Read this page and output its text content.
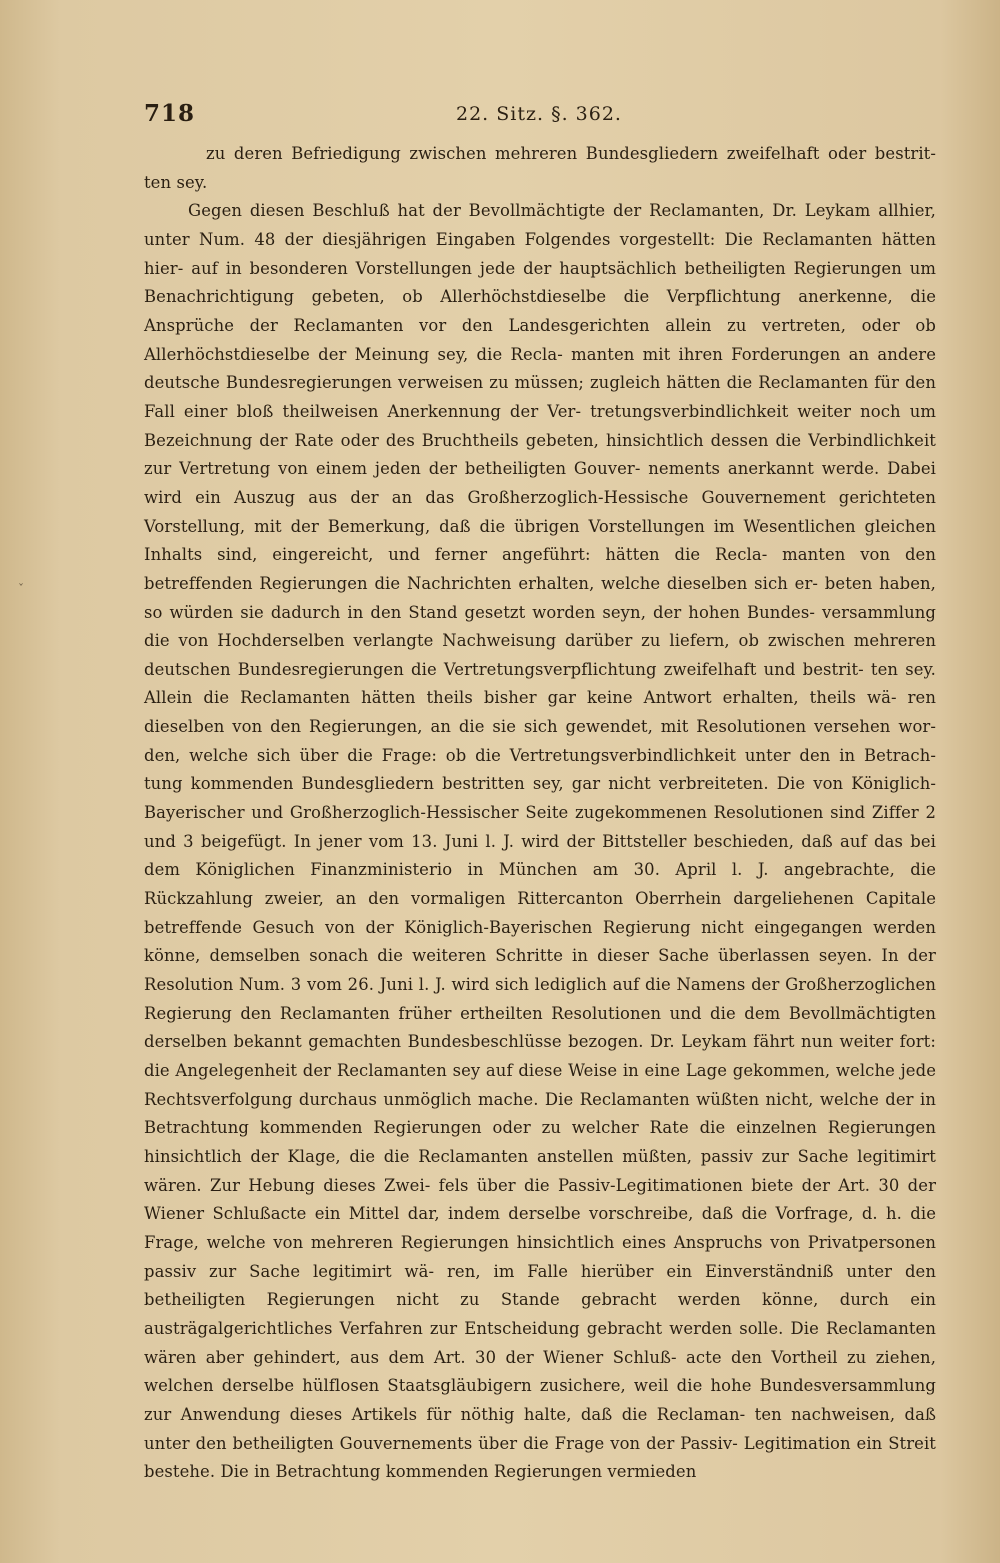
718	22. Sitz. §. 362.

zu deren Befriedigung zwischen mehreren Bundesgliedern zweifelhaft oder bestrit- ten sey.

Gegen diesen Beschluß hat der Bevollmächtigte der Reclamanten, Dr. Leykam allhier, unter Num. 48 der diesjährigen Eingaben Folgendes vorgestellt: Die Reclamanten hätten hier- auf in besonderen Vorstellungen jede der hauptsächlich betheiligten Regierungen um Benachrichtigung gebeten, ob Allerhöchstdieselbe die Verpflichtung anerkenne, die Ansprüche der Reclamanten vor den Landesgerichten allein zu vertreten, oder ob Allerhöchstdieselbe der Meinung sey, die Recla- manten mit ihren Forderungen an andere deutsche Bundesregierungen verweisen zu müssen; zugleich hätten die Reclamanten für den Fall einer bloß theilweisen Anerkennung der Ver- tretungsverbindlichkeit weiter noch um Bezeichnung der Rate oder des Bruchtheils gebeten, hinsichtlich dessen die Verbindlichkeit zur Vertretung von einem jeden der betheiligten Gouver- nements anerkannt werde. Dabei wird ein Auszug aus der an das Großherzoglich-Hessische Gouvernement gerichteten Vorstellung, mit der Bemerkung, daß die übrigen Vorstellungen im Wesentlichen gleichen Inhalts sind, eingereicht, und ferner angeführt: hätten die Recla- manten von den betreffenden Regierungen die Nachrichten erhalten, welche dieselben sich er- beten haben, so würden sie dadurch in den Stand gesetzt worden seyn, der hohen Bundes- versammlung die von Hochderselben verlangte Nachweisung darüber zu liefern, ob zwischen mehreren deutschen Bundesregierungen die Vertretungsverpflichtung zweifelhaft und bestrit- ten sey. Allein die Reclamanten hätten theils bisher gar keine Antwort erhalten, theils wä- ren dieselben von den Regierungen, an die sie sich gewendet, mit Resolutionen versehen wor- den, welche sich über die Frage: ob die Vertretungsverbindlichkeit unter den in Betrach- tung kommenden Bundesgliedern bestritten sey, gar nicht verbreiteten. Die von Königlich- Bayerischer und Großherzoglich-Hessischer Seite zugekommenen Resolutionen sind Ziffer 2 und 3 beigefügt. In jener vom 13. Juni l. J. wird der Bittsteller beschieden, daß auf das bei dem Königlichen Finanzministerio in München am 30. April l. J. angebrachte, die Rückzahlung zweier, an den vormaligen Rittercanton Oberrhein dargeliehenen Capitale betreffende Gesuch von der Königlich-Bayerischen Regierung nicht eingegangen werden könne, demselben sonach die weiteren Schritte in dieser Sache überlassen seyen. In der Resolution Num. 3 vom 26. Juni l. J. wird sich lediglich auf die Namens der Großherzoglichen Regierung den Reclamanten früher ertheilten Resolutionen und die dem Bevollmächtigten derselben bekannt gemachten Bundesbeschlüsse bezogen. Dr. Leykam fährt nun weiter fort: die Angelegenheit der Reclamanten sey auf diese Weise in eine Lage gekommen, welche jede Rechtsverfolgung durchaus unmöglich mache. Die Reclamanten wüßten nicht, welche der in Betrachtung kommenden Regierungen oder zu welcher Rate die einzelnen Regierungen hinsichtlich der Klage, die die Reclamanten anstellen müßten, passiv zur Sache legitimirt wären. Zur Hebung dieses Zwei- fels über die Passiv-Legitimationen biete der Art. 30 der Wiener Schlußacte ein Mittel dar, indem derselbe vorschreibe, daß die Vorfrage, d. h. die Frage, welche von mehreren Regierungen hinsichtlich eines Anspruchs von Privatpersonen passiv zur Sache legitimirt wä- ren, im Falle hierüber ein Einverständniß unter den betheiligten Regierungen nicht zu Stande gebracht werden könne, durch ein austrägalgerichtliches Verfahren zur Entscheidung gebracht werden solle. Die Reclamanten wären aber gehindert, aus dem Art. 30 der Wiener Schluß- acte den Vortheil zu ziehen, welchen derselbe hülflosen Staatsgläubigern zusichere, weil die hohe Bundesversammlung zur Anwendung dieses Artikels für nöthig halte, daß die Reclaman- ten nachweisen, daß unter den betheiligten Gouvernements über die Frage von der Passiv- Legitimation ein Streit bestehe. Die in Betrachtung kommenden Regierungen vermieden

ˇ
